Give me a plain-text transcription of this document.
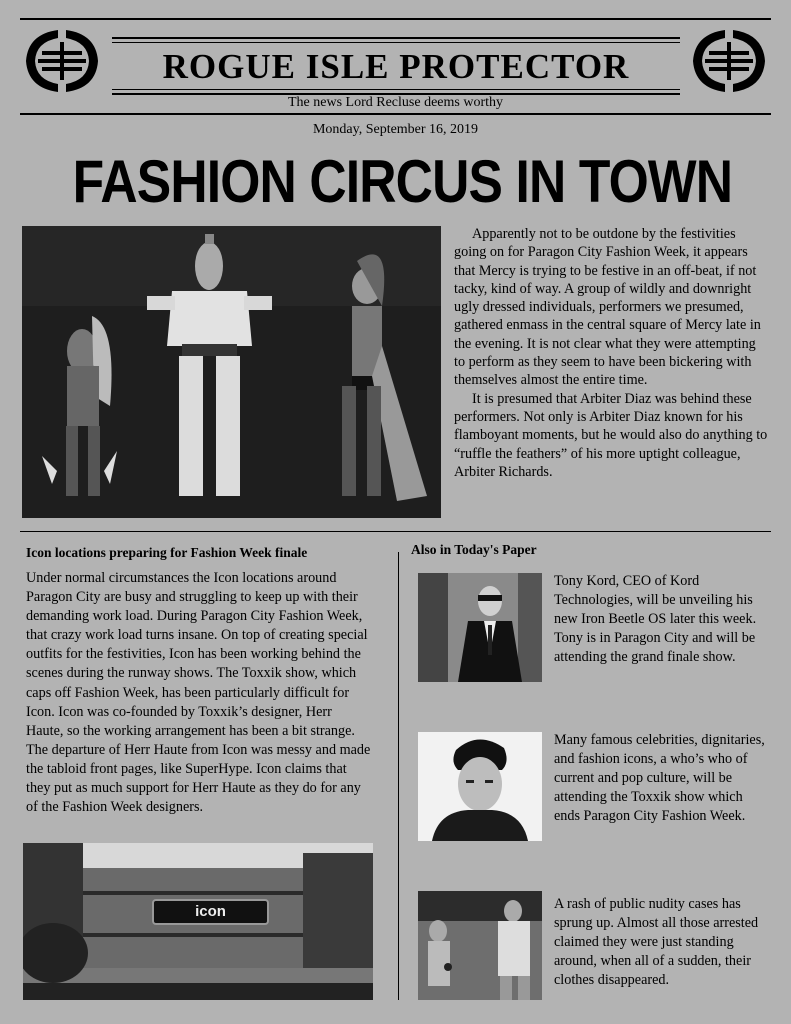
ROGUE ISLE PROTECTOR
The news Lord Recluse deems worthy
Monday, September 16, 2019
FASHION CIRCUS IN TOWN

Apparently not to be outdone by the festivities going on for Paragon City Fashion Week, it appears that Mercy is trying to be festive in an off-beat, if not tacky, kind of way. A group of wildly and downright ugly dressed individuals, performers we presumed, gathered enmass in the central square of Mercy late in the evening. It is not clear what they were attempting to perform as they seem to have been bickering with themselves almost the entire time.

It is presumed that Arbiter Diaz was behind these performers. Not only is Arbiter Diaz known for his flamboyant moments, but he would also do anything to “ruffle the feathers” of his more uptight colleague, Arbiter Richards.

Icon locations preparing for Fashion Week finale
Under normal circumstances the Icon locations around Paragon City are busy and struggling to keep up with their demanding work load. During Paragon City Fashion Week, that crazy work load turns insane. On top of creating special outfits for the festivities, Icon has been working behind the scenes during the runway shows. The Toxxik show, which caps off Fashion Week, has been particularly difficult for Icon. Icon was co-founded by Toxxik’s designer, Herr Haute, so the working arrangement has been a bit strange. The departure of Herr Haute from Icon was messy and made the tabloid front pages, like SuperHype. Icon claims that they put as much support for Herr Haute as they do for any of the Fashion Week designers.
icon
Also in Today's Paper
Tony Kord, CEO of Kord Technologies, will be unveiling his new Iron Beetle OS later this week. Tony is in Paragon City and will be attending the grand finale show.
Many famous celebrities, dignitaries, and fashion icons, a who’s who of current and pop culture, will be attending the Toxxik show which ends Paragon City Fashion Week.
A rash of public nudity cases has sprung up. Almost all those arrested claimed they were just standing around, when all of a sudden, their clothes disappeared.
